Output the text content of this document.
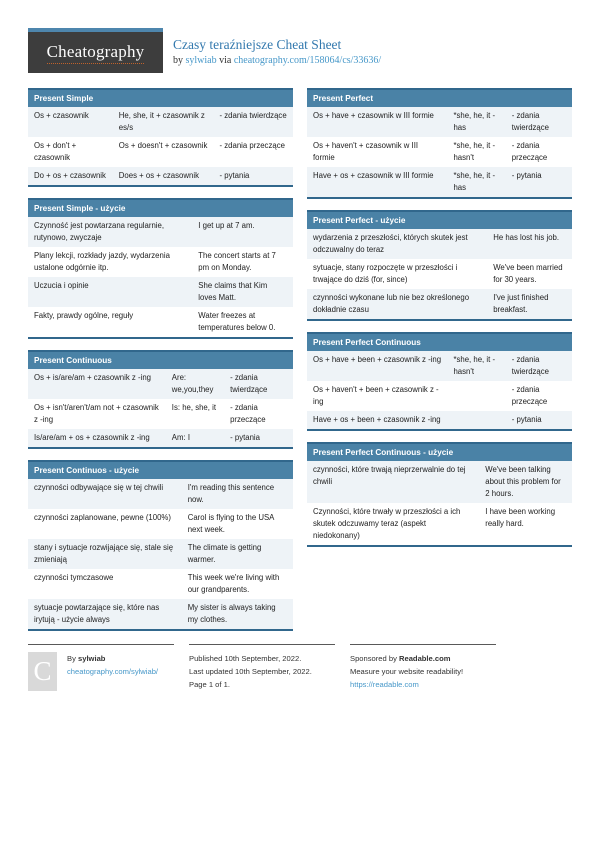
Cheatography Czasy teraźniejsze Cheat Sheet
by sylwiab via cheatography.com/158064/cs/33636/
Present Simple		
Os + czasownik	He, she, it + czasownik z es/s	- zdania twierdzące
Os + don't + czasownik	Os + doesn't + czasownik	- zdania przeczące
Do + os + czasownik	Does + os + czasownik	- pytania
Present Simple - użycie	
Czynność jest powtarzana regularnie, rutynowo, zwyczaje	I get up at 7 am.
Plany lekcji, rozkłady jazdy, wydarzenia ustalone odgórnie itp.	The concert starts at 7 pm on Monday.
Uczucia i opinie	She claims that Kim loves Matt.
Fakty, prawdy ogólne, reguły	Water freezes at temperatures below 0.
Present Continuous		
Os + is/are/am + czasownik z -ing	Are: we,you,they	- zdania twierdzące
Os + isn't/aren't/am not + czasownik z -ing	Is: he, she, it	- zdania przeczące
Is/are/am + os + czasownik z -ing	Am: I	- pytania
Present Continuos - użycie	
czynności odbywające się w tej chwili	I'm reading this sentence now.
czynności zaplanowane, pewne (100%)	Carol is flying to the USA next week.
stany i sytuacje rozwijające się, stale się zmieniają	The climate is getting warmer.
czynności tymczasowe	This week we're living with our grandparents.
sytuacje powtarzające się, które nas irytują - użycie always	My sister is always taking my clothes.
Present Perfect		
Os + have + czasownik w III formie	*she, he, it - has	- zdania twierdzące
Os + haven't + czasownik w III formie	*she, he, it - hasn't	- zdania przeczące
Have + os + czasownik w III formie	*she, he, it - has	- pytania
Present Perfect - użycie	
wydarzenia z przeszłości, których skutek jest odczuwalny do teraz	He has lost his job.
sytuacje, stany rozpoczęte w przeszłości i trwające do dziś (for, since)	We've been married for 30 years.
czynności wykonane lub nie bez określonego dokładnie czasu	I've just finished breakfast.
Present Perfect Continuous		
Os + have + been + czasownik z -ing	*she, he, it - hasn't	- zdania twierdzące
Os + haven't + been + czasownik z -ing		- zdania przeczące
Have + os + been + czasownik z -ing		- pytania
Present Perfect Continuous - użycie	
czynności, które trwają nieprzerwalnie do tej chwili	We've been talking about this problem for 2 hours.
Czynności, które trwały w przeszłości a ich skutek odczuwamy teraz (aspekt niedokonany)	I have been working really hard.
C	By sylwiab
cheatography.com/sylwiab/
Published 10th September, 2022.
Last updated 10th September, 2022.
Page 1 of 1.
Sponsored by Readable.com
Measure your website readability!
https://readable.com
